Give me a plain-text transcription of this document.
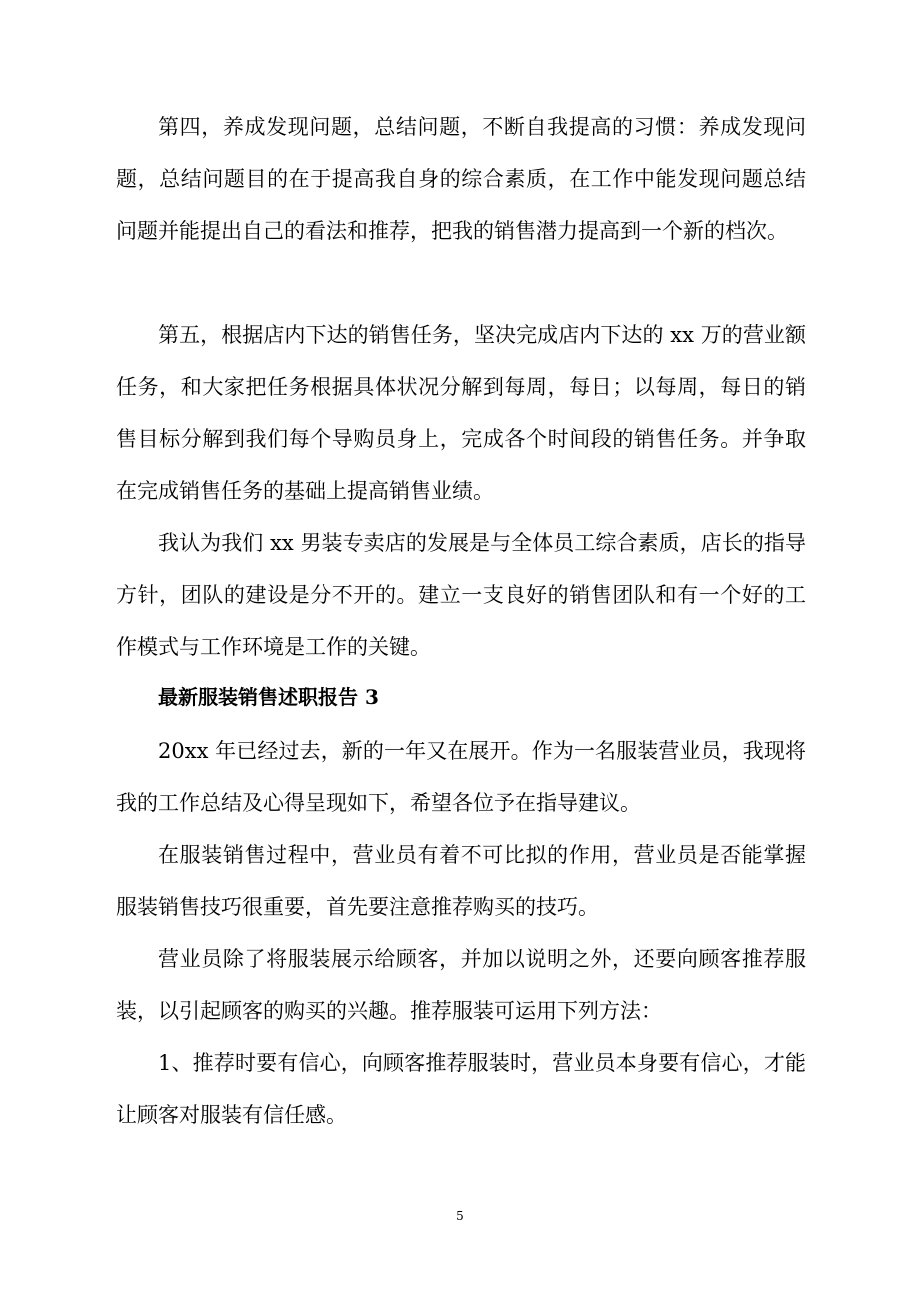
第四，养成发现问题，总结问题，不断自我提高的习惯：养成发现问题，总结问题目的在于提高我自身的综合素质，在工作中能发现问题总结问题并能提出自己的看法和推荐，把我的销售潜力提高到一个新的档次。

第五，根据店内下达的销售任务，坚决完成店内下达的 xx 万的营业额任务，和大家把任务根据具体状况分解到每周，每日；以每周，每日的销售目标分解到我们每个导购员身上，完成各个时间段的销售任务。并争取在完成销售任务的基础上提高销售业绩。

我认为我们 xx 男装专卖店的发展是与全体员工综合素质，店长的指导方针，团队的建设是分不开的。建立一支良好的销售团队和有一个好的工作模式与工作环境是工作的关键。

最新服装销售述职报告 3

20xx 年已经过去，新的一年又在展开。作为一名服装营业员，我现将我的工作总结及心得呈现如下，希望各位予在指导建议。

在服装销售过程中，营业员有着不可比拟的作用，营业员是否能掌握服装销售技巧很重要，首先要注意推荐购买的技巧。

营业员除了将服装展示给顾客，并加以说明之外，还要向顾客推荐服装，以引起顾客的购买的兴趣。推荐服装可运用下列方法：

1、推荐时要有信心，向顾客推荐服装时，营业员本身要有信心，才能让顾客对服装有信任感。

5
